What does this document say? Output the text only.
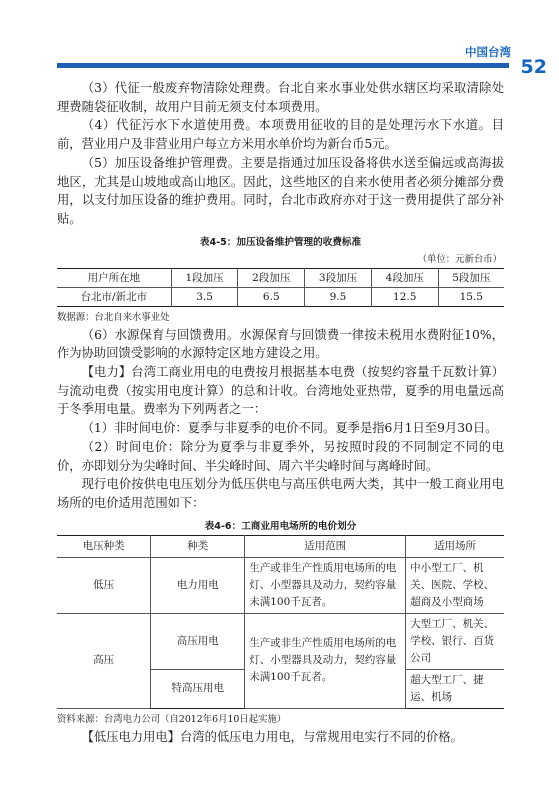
中国台湾
52

（3）代征一般废弃物清除处理费。台北自来水事业处供水辖区均采取清除处理费随袋征收制，故用户目前无须支付本项费用。

（4）代征污水下水道使用费。本项费用征收的目的是处理污水下水道。目前，营业用户及非营业用户每立方米用水单价均为新台币5元。

（5）加压设备维护管理费。主要是指通过加压设备将供水送至偏远或高海拔地区，尤其是山坡地或高山地区。因此，这些地区的自来水使用者必须分摊部分费用，以支付加压设备的维护费用。同时，台北市政府亦对于这一费用提供了部分补贴。

表4-5：加压设备维护管理的收费标准
（单位：元新台币）
用户所在地	1段加压	2段加压	3段加压	4段加压	5段加压
台北市/新北市	3.5	6.5	9.5	12.5	15.5
数据源：台北自来水事业处

（6）水源保育与回馈费用。水源保育与回馈费一律按未税用水费附征10%，作为协助回馈受影响的水源特定区地方建设之用。

【电力】台湾工商业用电的电费按月根据基本电费（按契约容量千瓦数计算）与流动电费（按实用电度计算）的总和计收。台湾地处亚热带，夏季的用电量远高于冬季用电量。费率为下列两者之一：

（1）非时间电价：夏季与非夏季的电价不同。夏季是指6月1日至9月30日。

（2）时间电价：除分为夏季与非夏季外，另按照时段的不同制定不同的电价，亦即划分为尖峰时间、半尖峰时间、周六半尖峰时间与离峰时间。

现行电价按供电电压划分为低压供电与高压供电两大类，其中一般工商业用电场所的电价适用范围如下：

表4-6：工商业用电场所的电价划分
电压种类	种类	适用范围	适用场所
低压	电力用电	生产或非生产性质用电场所的电灯、小型器具及动力，契约容量未满100千瓦者。	中小型工厂、机关、医院、学校、超商及小型商场
高压	高压用电	生产或非生产性质用电场所的电灯、小型器具及动力，契约容量未满100千瓦者。	大型工厂、机关、学校、银行、百货公司
	特高压用电		超大型工厂、捷运、机场
资料来源：台湾电力公司（自2012年6月10日起实施）

【低压电力用电】台湾的低压电力用电，与常规用电实行不同的价格。
